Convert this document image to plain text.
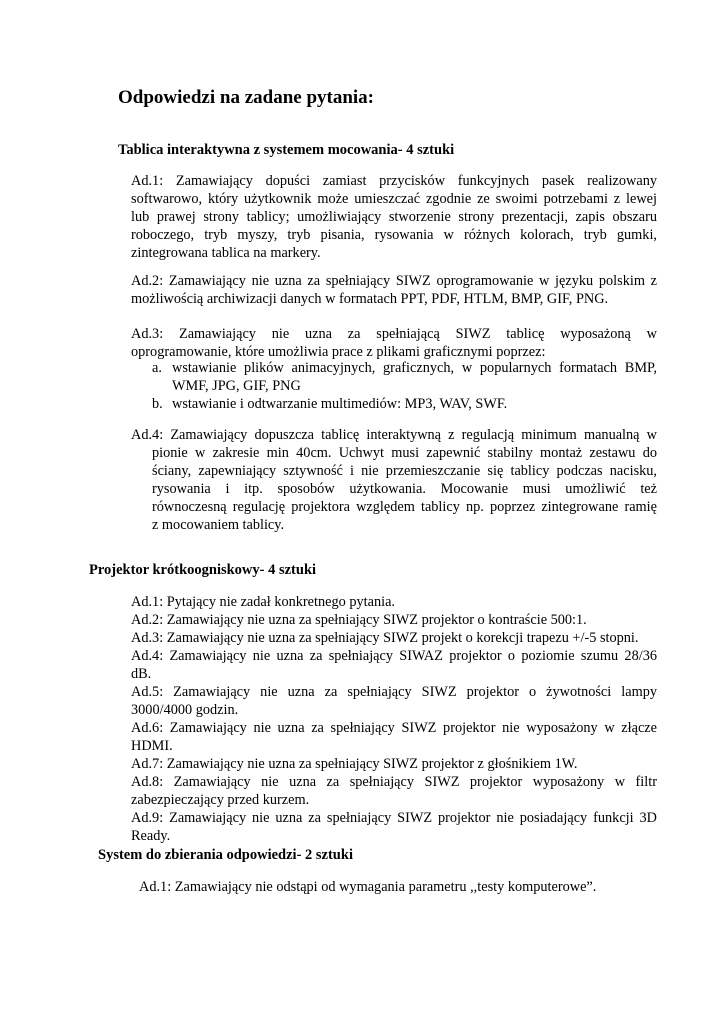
Odpowiedzi na zadane pytania:
Tablica interaktywna z systemem mocowania- 4 sztuki
Ad.1: Zamawiający dopuści zamiast przycisków funkcyjnych pasek realizowany
softwarowo, który użytkownik może umieszczać zgodnie ze swoimi potrzebami z lewej
lub prawej strony tablicy; umożliwiający stworzenie strony prezentacji, zapis obszaru
roboczego, tryb myszy, tryb pisania, rysowania w różnych kolorach, tryb gumki,
zintegrowana tablica na markery.
Ad.2: Zamawiający nie uzna za spełniający SIWZ oprogramowanie w języku polskim z
możliwością archiwizacji danych w formatach PPT, PDF, HTLM, BMP, GIF, PNG.
Ad.3: Zamawiający nie uzna za spełniającą SIWZ tablicę wyposażoną w
oprogramowanie, które umożliwia prace z plikami graficznymi poprzez:
a. wstawianie plików animacyjnych, graficznych, w popularnych formatach BMP,
WMF, JPG, GIF, PNG
b. wstawianie i odtwarzanie multimediów: MP3, WAV, SWF.
Ad.4: Zamawiający dopuszcza tablicę interaktywną z regulacją minimum manualną w
pionie w zakresie min 40cm. Uchwyt musi zapewnić stabilny montaż zestawu do
ściany, zapewniający sztywność i nie przemieszczanie się tablicy podczas nacisku,
rysowania i itp. sposobów użytkowania. Mocowanie musi umożliwić też
równoczesną regulację projektora względem tablicy np. poprzez zintegrowane ramię
z mocowaniem tablicy.
Projektor krótkoogniskowy- 4 sztuki
Ad.1: Pytający nie zadał konkretnego pytania.
Ad.2: Zamawiający nie uzna za spełniający SIWZ projektor o kontraście 500:1.
Ad.3: Zamawiający nie uzna za spełniający SIWZ projekt o korekcji trapezu +/-5 stopni.
Ad.4: Zamawiający nie uzna za spełniający SIWAZ projektor o poziomie szumu 28/36
dB.
Ad.5: Zamawiający nie uzna za spełniający SIWZ projektor o żywotności lampy
3000/4000 godzin.
Ad.6: Zamawiający nie uzna za spełniający SIWZ projektor nie wyposażony w złącze
HDMI.
Ad.7: Zamawiający nie uzna za spełniający SIWZ projektor z głośnikiem 1W.
Ad.8: Zamawiający nie uzna za spełniający SIWZ projektor wyposażony w filtr
zabezpieczający przed kurzem.
Ad.9: Zamawiający nie uzna za spełniający SIWZ projektor nie posiadający funkcji 3D
Ready.
System do zbierania odpowiedzi- 2 sztuki
Ad.1: Zamawiający nie odstąpi od wymagania parametru ,,testy komputerowe”.
